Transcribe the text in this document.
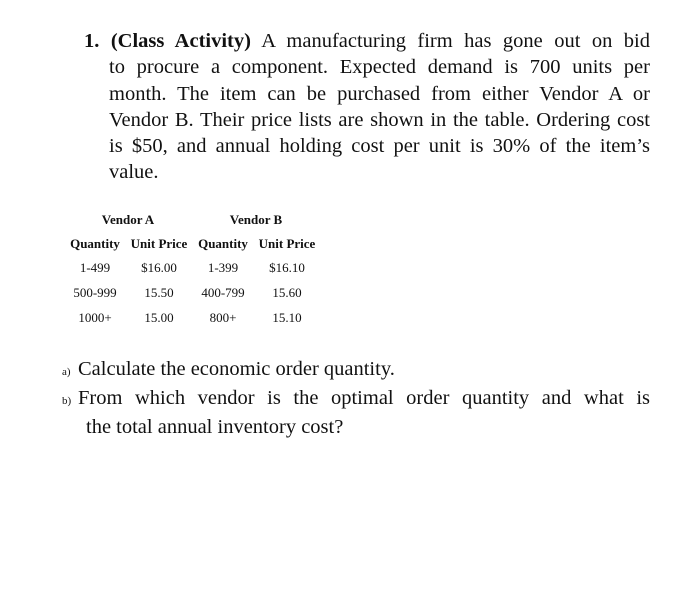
1. (Class Activity) A manufacturing firm has gone out on bid
to procure a component. Expected demand is 700 units per month. The item can be purchased from either Vendor A or Vendor B. Their price lists are shown in the table. Ordering cost is $50, and annual holding cost per unit is 30% of the item’s value.
Vendor A		Vendor B	
Quantity	Unit Price	Quantity	Unit Price
1-499	$16.00	1-399	$16.10
500-999	15.50	400-799	15.60
1000+	15.00	800+	15.10
a) Calculate the economic order quantity.
b) From which vendor is the optimal order quantity and what is
the total annual inventory cost?
